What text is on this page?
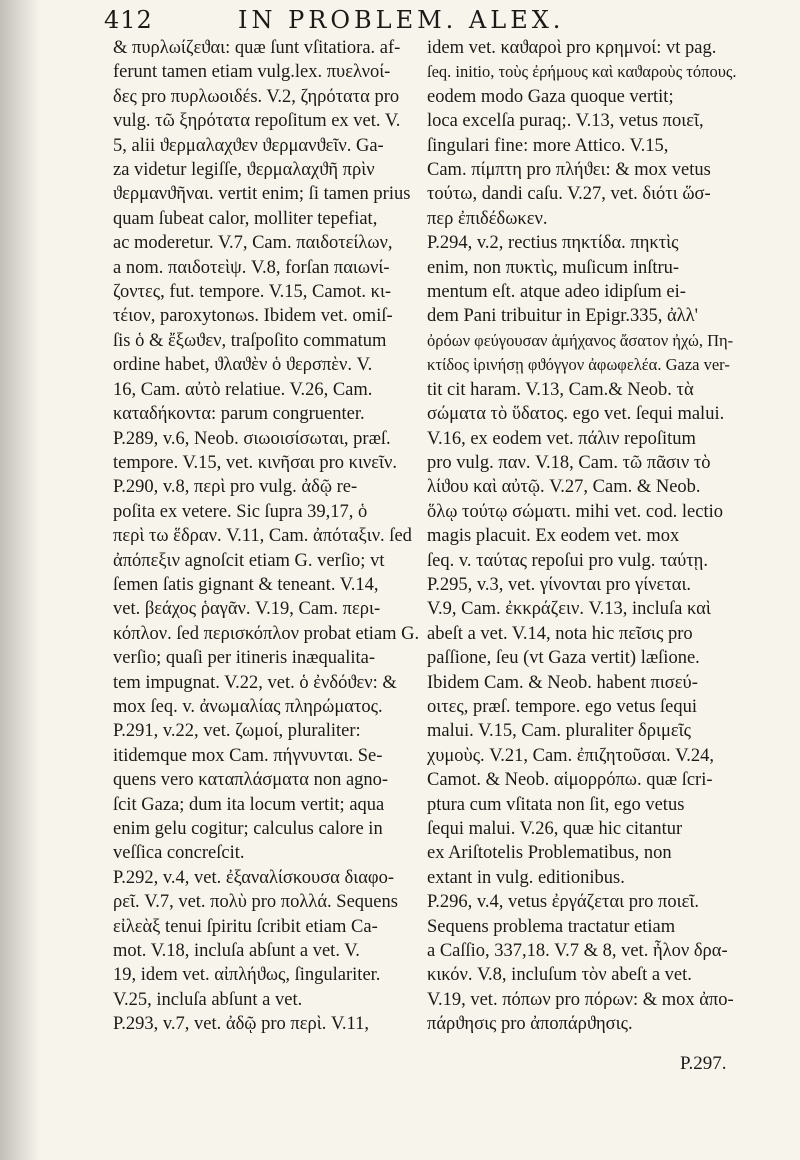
412	IN PROBLEM. ALEX.

& πυρλωίζεϑαι: quæ ſunt vſitatiora. af-

ferunt tamen etiam vulg.lex. πυελνοί-

δες pro πυρλωοιδέs. V.2, ζηρότατα pro

vulg. τῶ ξηρότατα repoſitum ex vet. V.

5, alii ϑερμαλαχϑεν ϑερμανϑεῖν. Ga-

za videtur legiſſe, ϑερμαλαχϑῆ πρὶν

ϑερμανϑῆναι. vertit enim; ſi tamen prius

quam ſubeat calor, molliter tepefiat,

ac moderetur. V.7, Cam. παιδοτείλων,

a nom. παιδοτεὶψ. V.8, forſan παιωνί-

ζοντες, fut. tempore. V.15, Camot. κι-

τέιον, paroxytonωs. Ibidem vet. omiſ-

ſis ὁ & ἔξωϑεν, traſpoſito commatum

ordine habet, ϑλαϑὲν ὁ ϑερσπὲν. V.

16, Cam. αὐτὸ relatiue. V.26, Cam.

καταδήκοντα: parum congruenter.

P.289, v.6, Neob. σιωοισίσωται, præſ.

tempore. V.15, vet. κινῆσαι pro κινεῖν.

P.290, v.8, περὶ pro vulg. ἀδῷ re-

poſita ex vetere. Sic ſupra 39,17, ὁ

περὶ τω ἕδραν. V.11, Cam. ἀπόταξιν. ſed

ἀπόπεξιν agnoſcit etiam G. verſio; vt

ſemen ſatis gignant & teneant. V.14,

vet. βεάχος ῥαγᾶν. V.19, Cam. περι-

κόπλον. ſed περισκόπλον probat etiam G.

verſio; quaſi per itineris inæqualita-

tem impugnat. V.22, vet. ὁ ἐνδόϑεν: &

mox ſeq. v. ἀνωμαλίας πληρώματος.

P.291, v.22, vet. ζωμοί, pluraliter:

itidemque mox Cam. πήγνυνται. Se-

quens vero καταπλάσματα non agno-

ſcit Gaza; dum ita locum vertit; aqua

enim gelu cogitur; calculus calore in

veſſica concreſcit.

P.292, v.4, vet. ἐξαναλίσκουσα διαφο-

ρεῖ. V.7, vet. πολὺ pro πολλά. Sequens

εἰλεὰξ tenui ſpiritu ſcribit etiam Ca-

mot. V.18, incluſa abſunt a vet. V.

19, idem vet. αἰπλήϑως, ſingulariter.

V.25, incluſa abſunt a vet.

P.293, v.7, vet. ἀδῷ pro περὶ. V.11,

idem vet. καϑαροὶ pro κρημνοί: vt pag.

ſeq. initio, τοὺς ἐρήμους καὶ καϑαροὺς τόπους.

eodem modo Gaza quoque vertit;

loca excelſa puraq;. V.13, vetus ποιεῖ,

ſingulari fine: more Attico. V.15,

Cam. πίμπτη pro πλήϑει: & mox vetus

τούτω, dandi caſu. V.27, vet. διότι ὥσ-

περ ἐπιδέδωκεν.

P.294, v.2, rectius πηκτίδα. πηκτὶς

enim, non πυκτὶς, muſicum inſtru-

mentum eſt. atque adeo idipſum ei-

dem Pani tribuitur in Epigr.335, ἀλλ'

ὀρόων φεύγουσαν ἀμήχανος ἄσατον ἠχώ, Πη-

κτίδος ἱρινήσῃ φϑόγγον ἀφωφελέα. Gaza ver-

tit cit haram. V.13, Cam.& Neob. τὰ

σώματα τὸ ὕδατος. ego vet. ſequi malui.

V.16, ex eodem vet. πάλιν repoſitum

pro vulg. παν. V.18, Cam. τῶ πᾶσιν τὸ

λίϑου καὶ αὐτῷ. V.27, Cam. & Neob.

ὅλῳ τούτῳ σώματι. mihi vet. cod. lectio

magis placuit. Ex eodem vet. mox

ſeq. v. ταύτας repoſui pro vulg. ταύτῃ.

P.295, v.3, vet. γίνονται pro γίνεται.

V.9, Cam. ἐκκράζειν. V.13, incluſa καὶ

abeſt a vet. V.14, nota hic πεῖσις pro

paſſione, ſeu (vt Gaza vertit) læſione.

Ibidem Cam. & Neob. habent πισεύ-

οιτες, præſ. tempore. ego vetus ſequi

malui. V.15, Cam. pluraliter δριμεῖς

χυμοὺς. V.21, Cam. ἐπιζητοῦσαι. V.24,

Camot. & Neob. αἱμορρόπω. quæ ſcri-

ptura cum vſitata non ſit, ego vetus

ſequi malui. V.26, quæ hic citantur

ex Ariſtotelis Problematibus, non

extant in vulg. editionibus.

P.296, v.4, vetus ἐργάζεται pro ποιεῖ.

Sequens problema tractatur etiam

a Caſſio, 337,18. V.7 & 8, vet. ἦλον δρα-

κικόν. V.8, incluſum τὸν abeſt a vet.

V.19, vet. πόπων pro πόρων: & mox ἀπο-

πάρϑησις pro ἀποπάρϑησις.

P.297.
